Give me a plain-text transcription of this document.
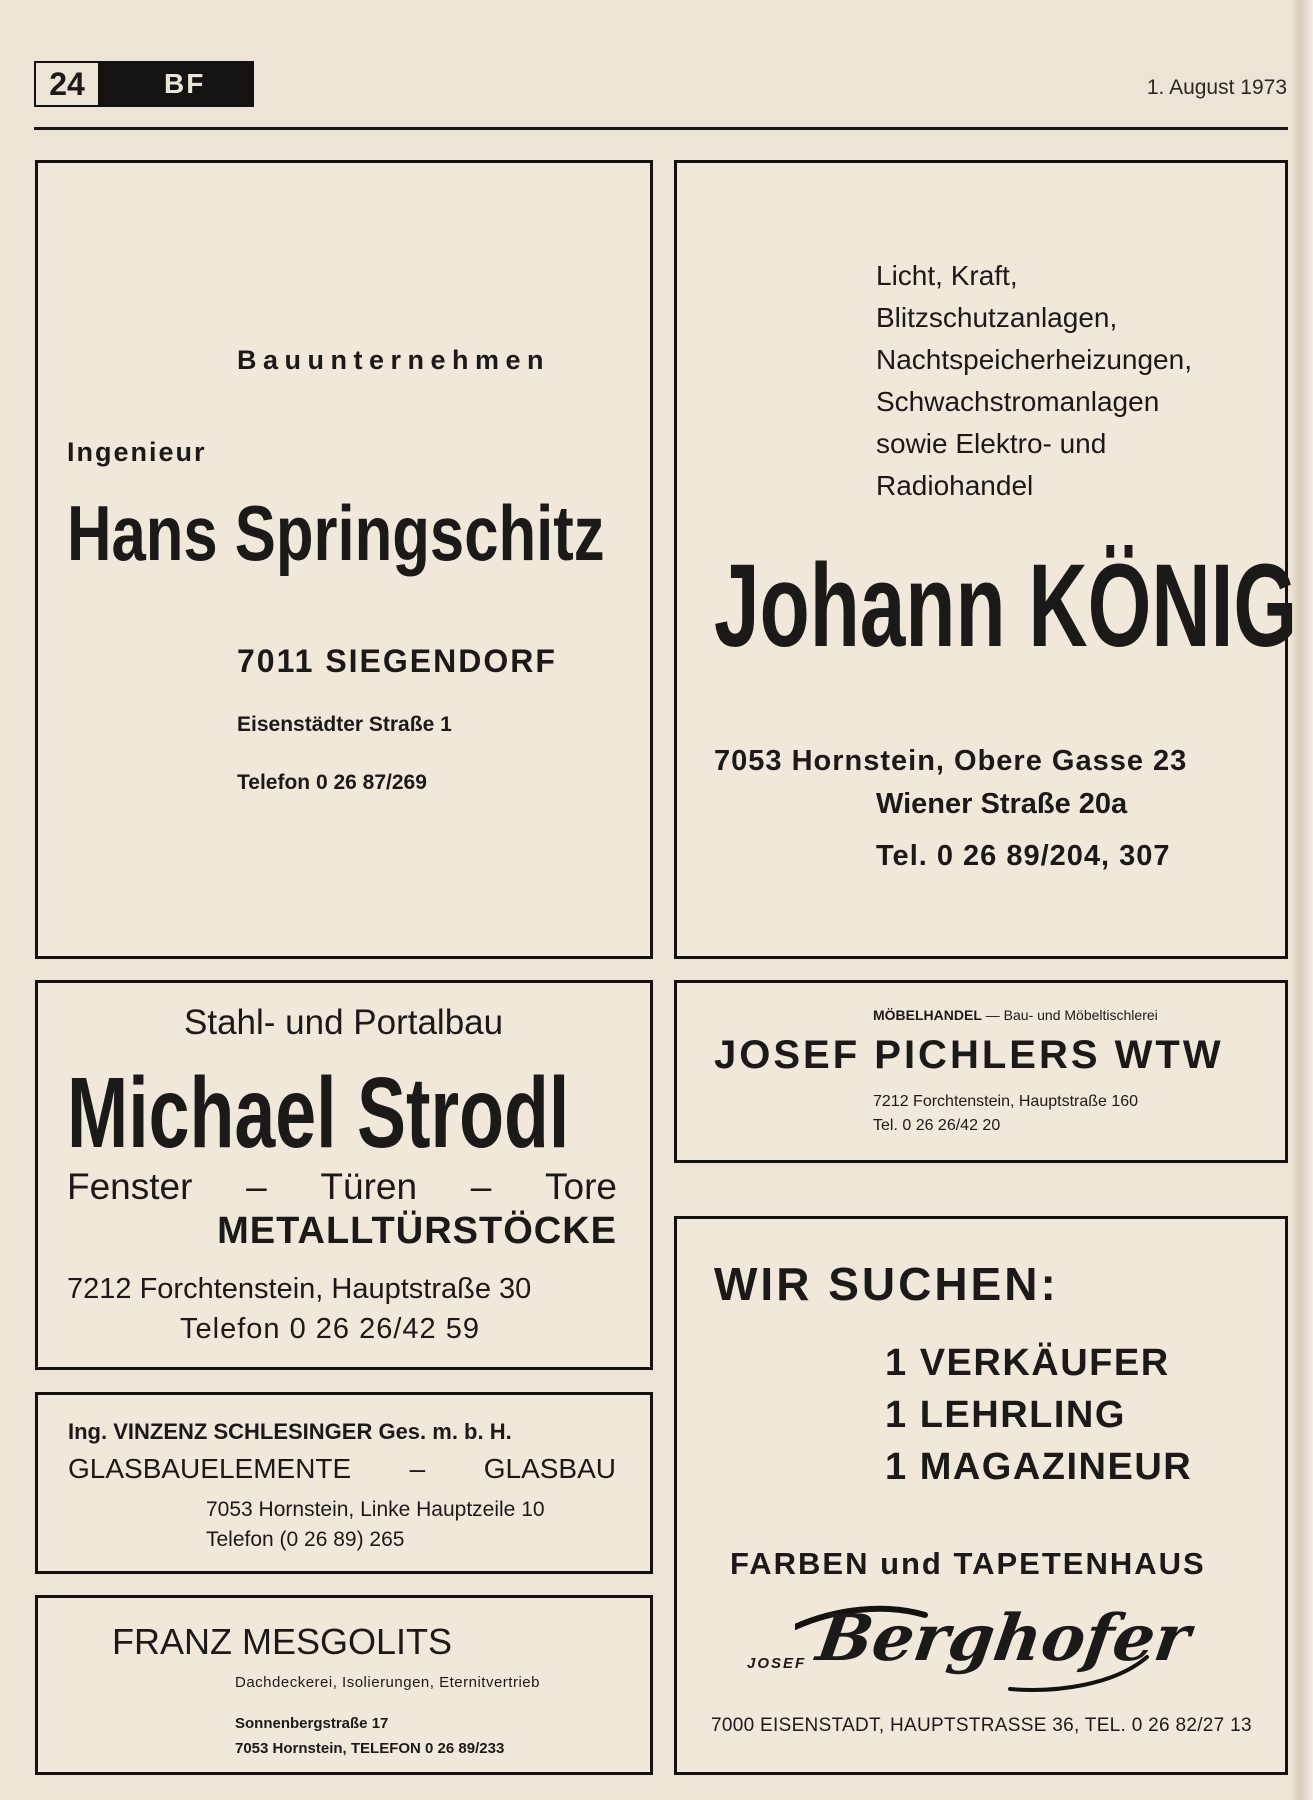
24	BF	1. August 1973
Bauunternehmen
Ingenieur
Hans Springschitz
7011 SIEGENDORF
Eisenstädter Straße 1
Telefon 0 26 87/269
Licht, Kraft,
Blitzschutzanlagen,
Nachtspeicherheizungen,
Schwachstromanlagen
sowie Elektro- und
Radiohandel
Johann KÖNIG
7053 Hornstein, Obere Gasse 23
Wiener Straße 20a
Tel. 0 26 89/204, 307
Stahl- und Portalbau
Michael Strodl
Fenster – Türen – Tore
METALLTÜRSTÖCKE
7212 Forchtenstein, Hauptstraße 30
Telefon 0 26 26/42 59
MÖBELHANDEL — Bau- und Möbeltischlerei
JOSEF PICHLERS WTW
7212 Forchtenstein, Hauptstraße 160
Tel. 0 26 26/42 20
Ing. VINZENZ SCHLESINGER Ges. m. b. H.
GLASBAUELEMENTE – GLASBAU
7053 Hornstein, Linke Hauptzeile 10
Telefon (0 26 89) 265
FRANZ MESGOLITS
Dachdeckerei, Isolierungen, Eternitvertrieb
Sonnenbergstraße 17
7053 Hornstein, TELEFON 0 26 89/233
WIR SUCHEN:
1 VERKÄUFER
1 LEHRLING
1 MAGAZINEUR
FARBEN und TAPETENHAUS
JOSEF Berghofer
7000 EISENSTADT, HAUPTSTRASSE 36, TEL. 0 26 82/27 13
